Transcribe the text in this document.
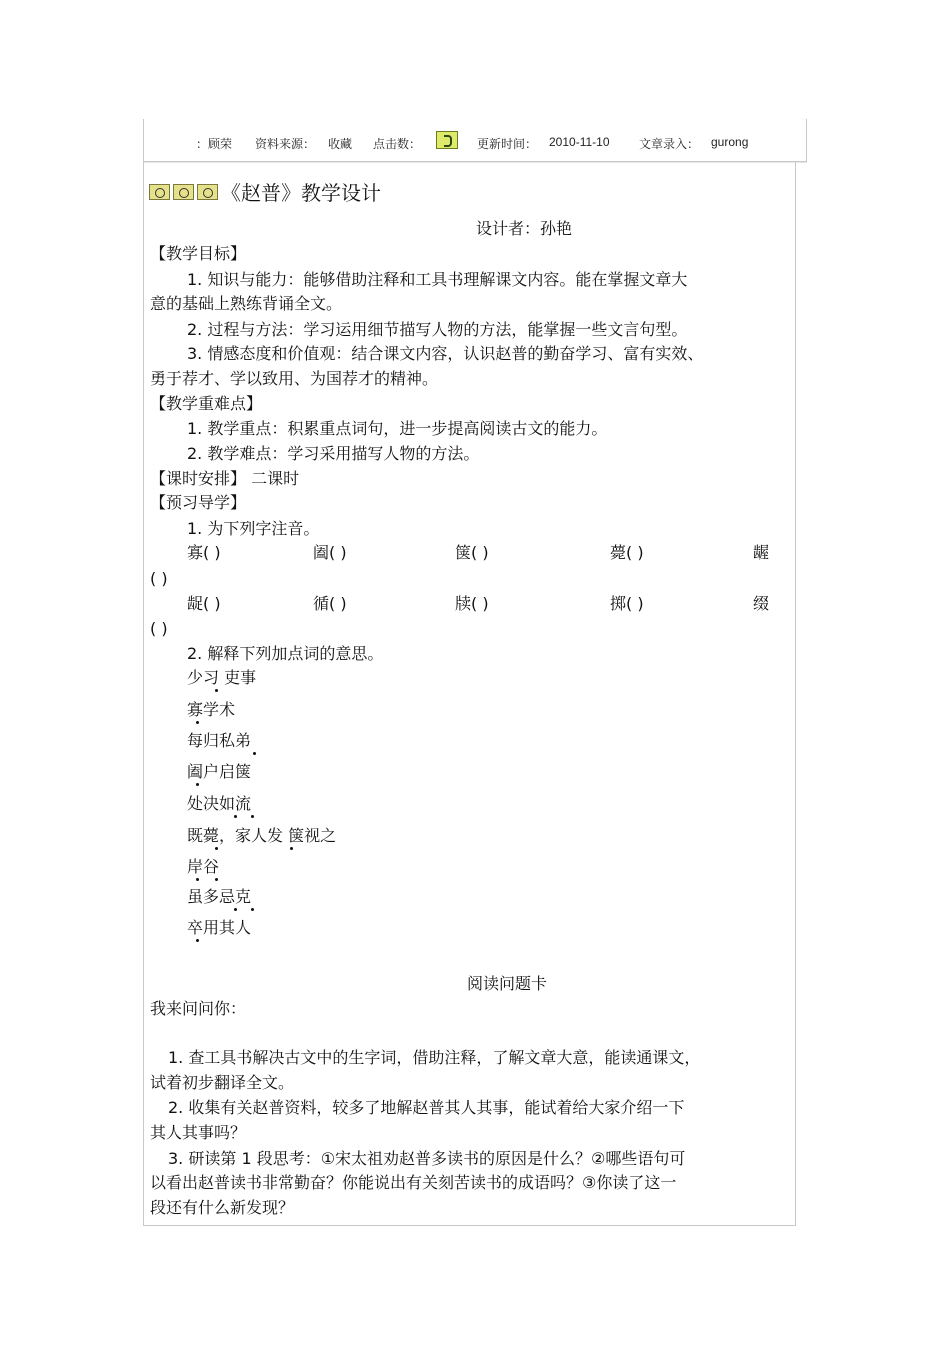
：顾荣 资料来源： 收藏 点击数：	更新时间： 2010-11-10 文章录入： gurong
《赵普》教学设计
设计者：孙艳
【教学目标】
1. 知识与能力：能够借助注释和工具书理解课文内容。能在掌握文章大
意的基础上熟练背诵全文。
2. 过程与方法：学习运用细节描写人物的方法，能掌握一些文言句型。
3. 情感态度和价值观：结合课文内容，认识赵普的勤奋学习、富有实效、
勇于荐才、学以致用、为国荐才的精神。
【教学重难点】
1. 教学重点：积累重点词句，进一步提高阅读古文的能力。
2. 教学难点：学习采用描写人物的方法。
【课时安排】 二课时
【预习导学】
1. 为下列字注音。
寡( )	阖( )	箧( )	薨( )	龌
( )
龊( )	循( )	牍( )	掷( )	缀
( )
2. 解释下列加点词的意思。
少习 吏事
寡学术
每归私弟
阖户启箧
处决如流
既薨，家人发 箧视之
岸谷
虽多忌克
卒用其人
阅读问题卡
我来问问你：
1. 查工具书解决古文中的生字词，借助注释，了解文章大意，能读通课文，
试着初步翻译全文。
2. 收集有关赵普资料，较多了地解赵普其人其事，能试着给大家介绍一下
其人其事吗？
3. 研读第 1 段思考：①宋太祖劝赵普多读书的原因是什么？②哪些语句可
以看出赵普读书非常勤奋？你能说出有关刻苦读书的成语吗？③你读了这一
段还有什么新发现？
